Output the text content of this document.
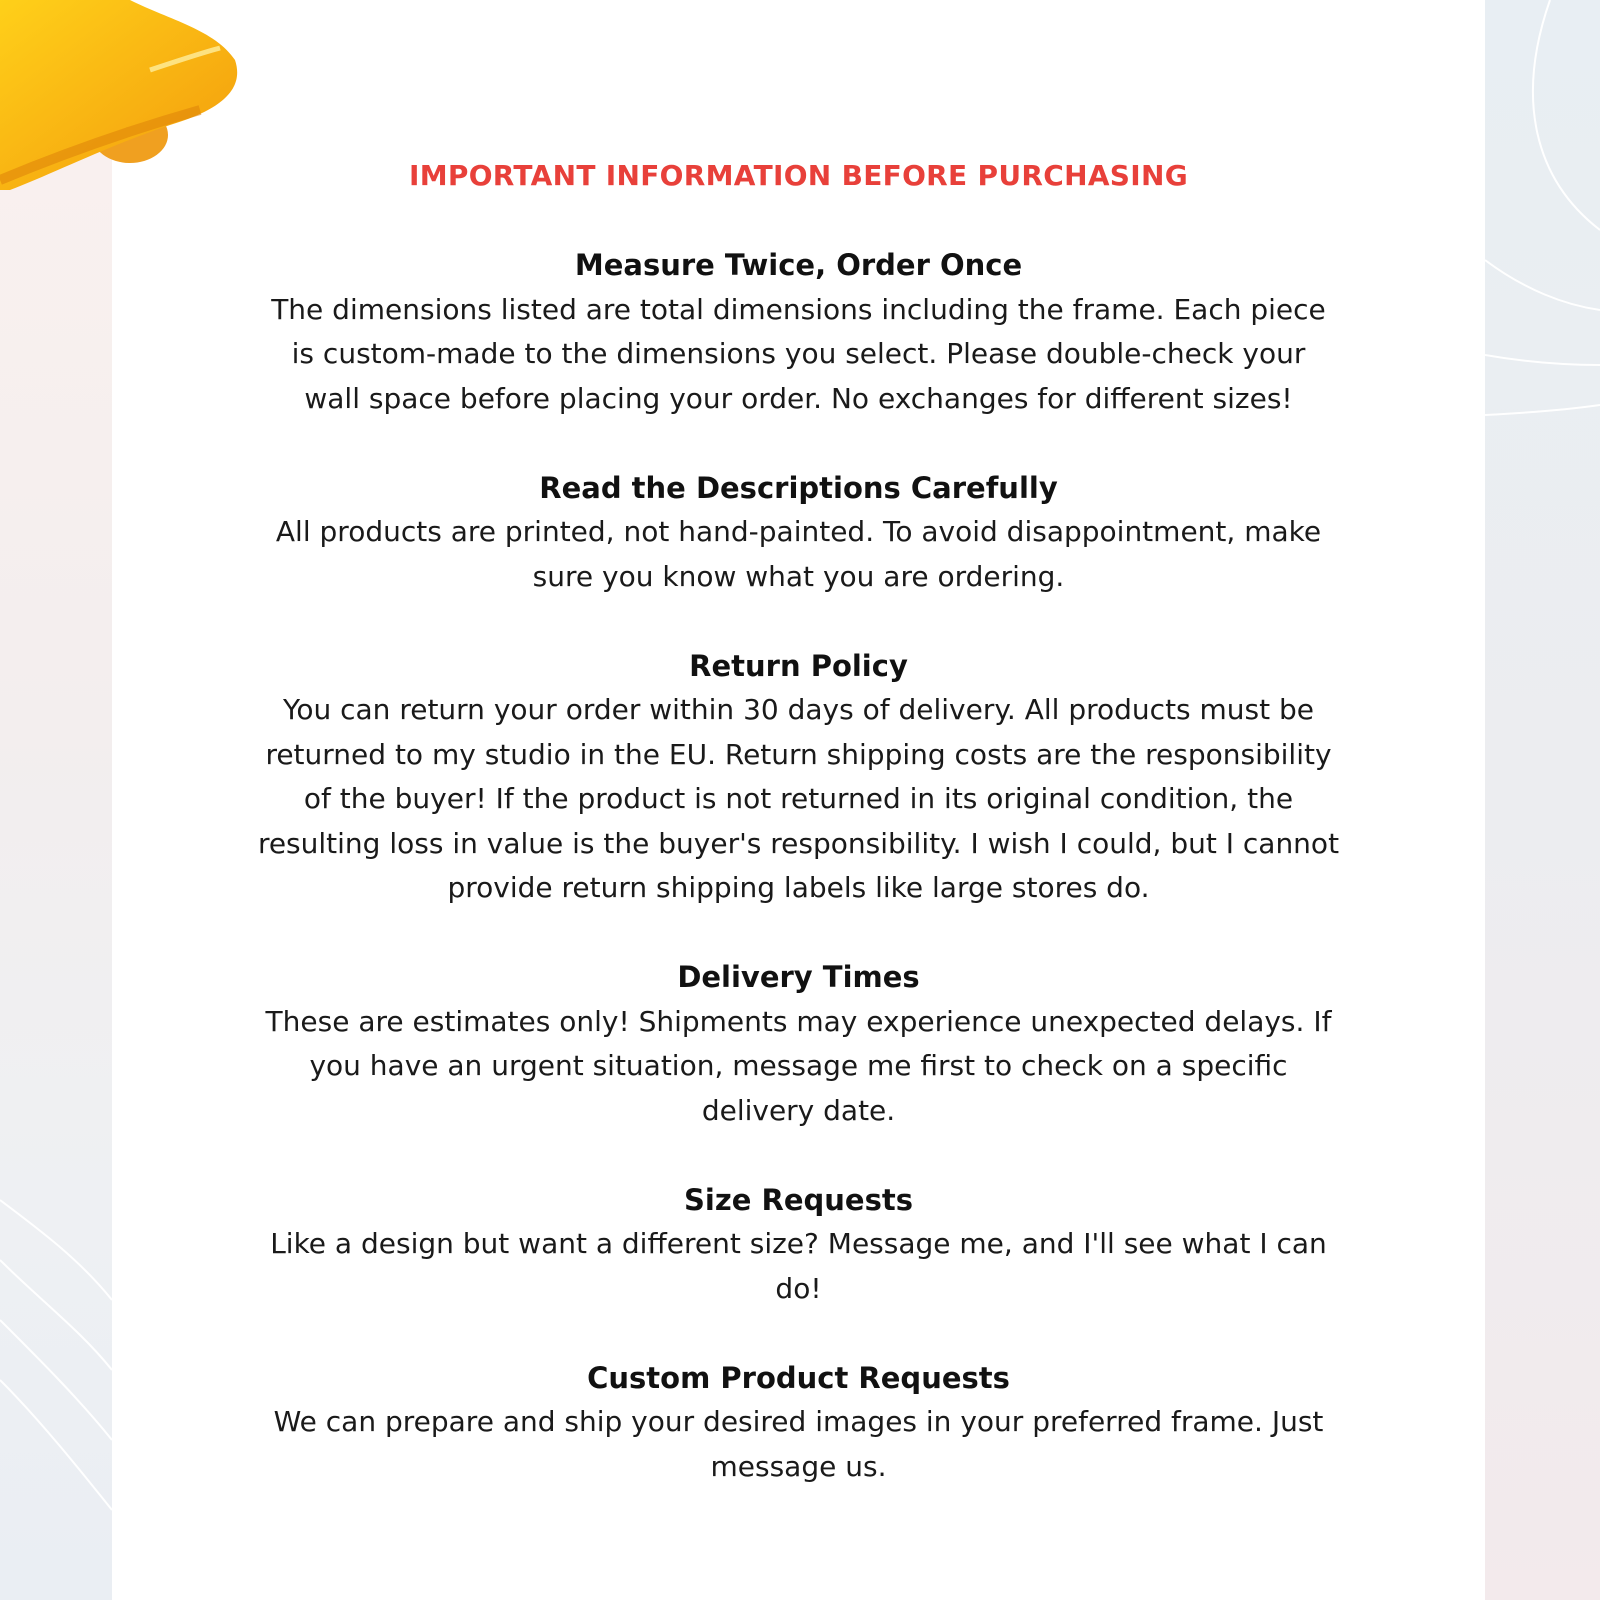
IMPORTANT INFORMATION BEFORE PURCHASING
Measure Twice, Order Once
The dimensions listed are total dimensions including the frame. Each piece
is custom-made to the dimensions you select. Please double-check your
wall space before placing your order. No exchanges for different sizes!
Read the Descriptions Carefully
All products are printed, not hand-painted. To avoid disappointment, make
sure you know what you are ordering.
Return Policy
You can return your order within 30 days of delivery. All products must be
returned to my studio in the EU. Return shipping costs are the responsibility
of the buyer! If the product is not returned in its original condition, the
resulting loss in value is the buyer's responsibility. I wish I could, but I cannot
provide return shipping labels like large stores do.
Delivery Times
These are estimates only! Shipments may experience unexpected delays. If
you have an urgent situation, message me first to check on a specific
delivery date.
Size Requests
Like a design but want a different size? Message me, and I'll see what I can
do!
Custom Product Requests
We can prepare and ship your desired images in your preferred frame. Just
message us.
